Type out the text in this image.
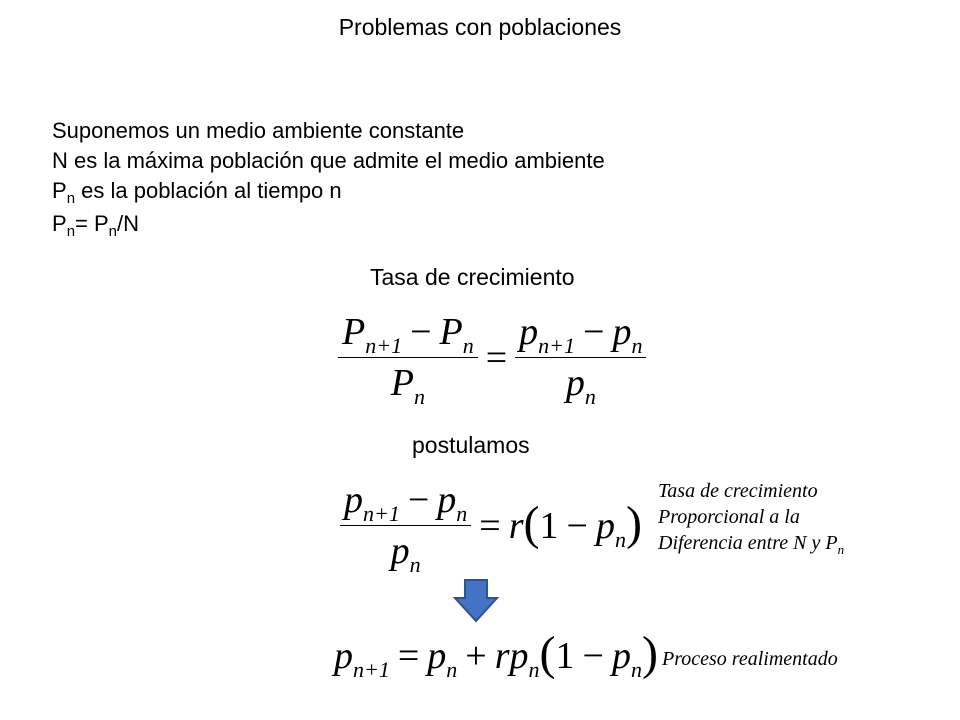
Problemas con poblaciones
Suponemos un medio ambiente constante
N es la máxima población que admite el medio ambiente
$P_n$ es la población al tiempo n
$P_n= P_n/N$
Tasa de crecimiento
$\frac{P_{n+1} - P_n}{P_n} = \frac{p_{n+1} - p_n}{p_n}$
postulamos
$\frac{p_{n+1} - p_n}{p_n} = r$ ( $1 - p_n$ )
Tasa de crecimiento
Proporcional a la
Diferencia entre N y $P_n$
$p_{n+1} = p_n + rp_n$ ( $1 - p_n$ ) Proceso realimentado
